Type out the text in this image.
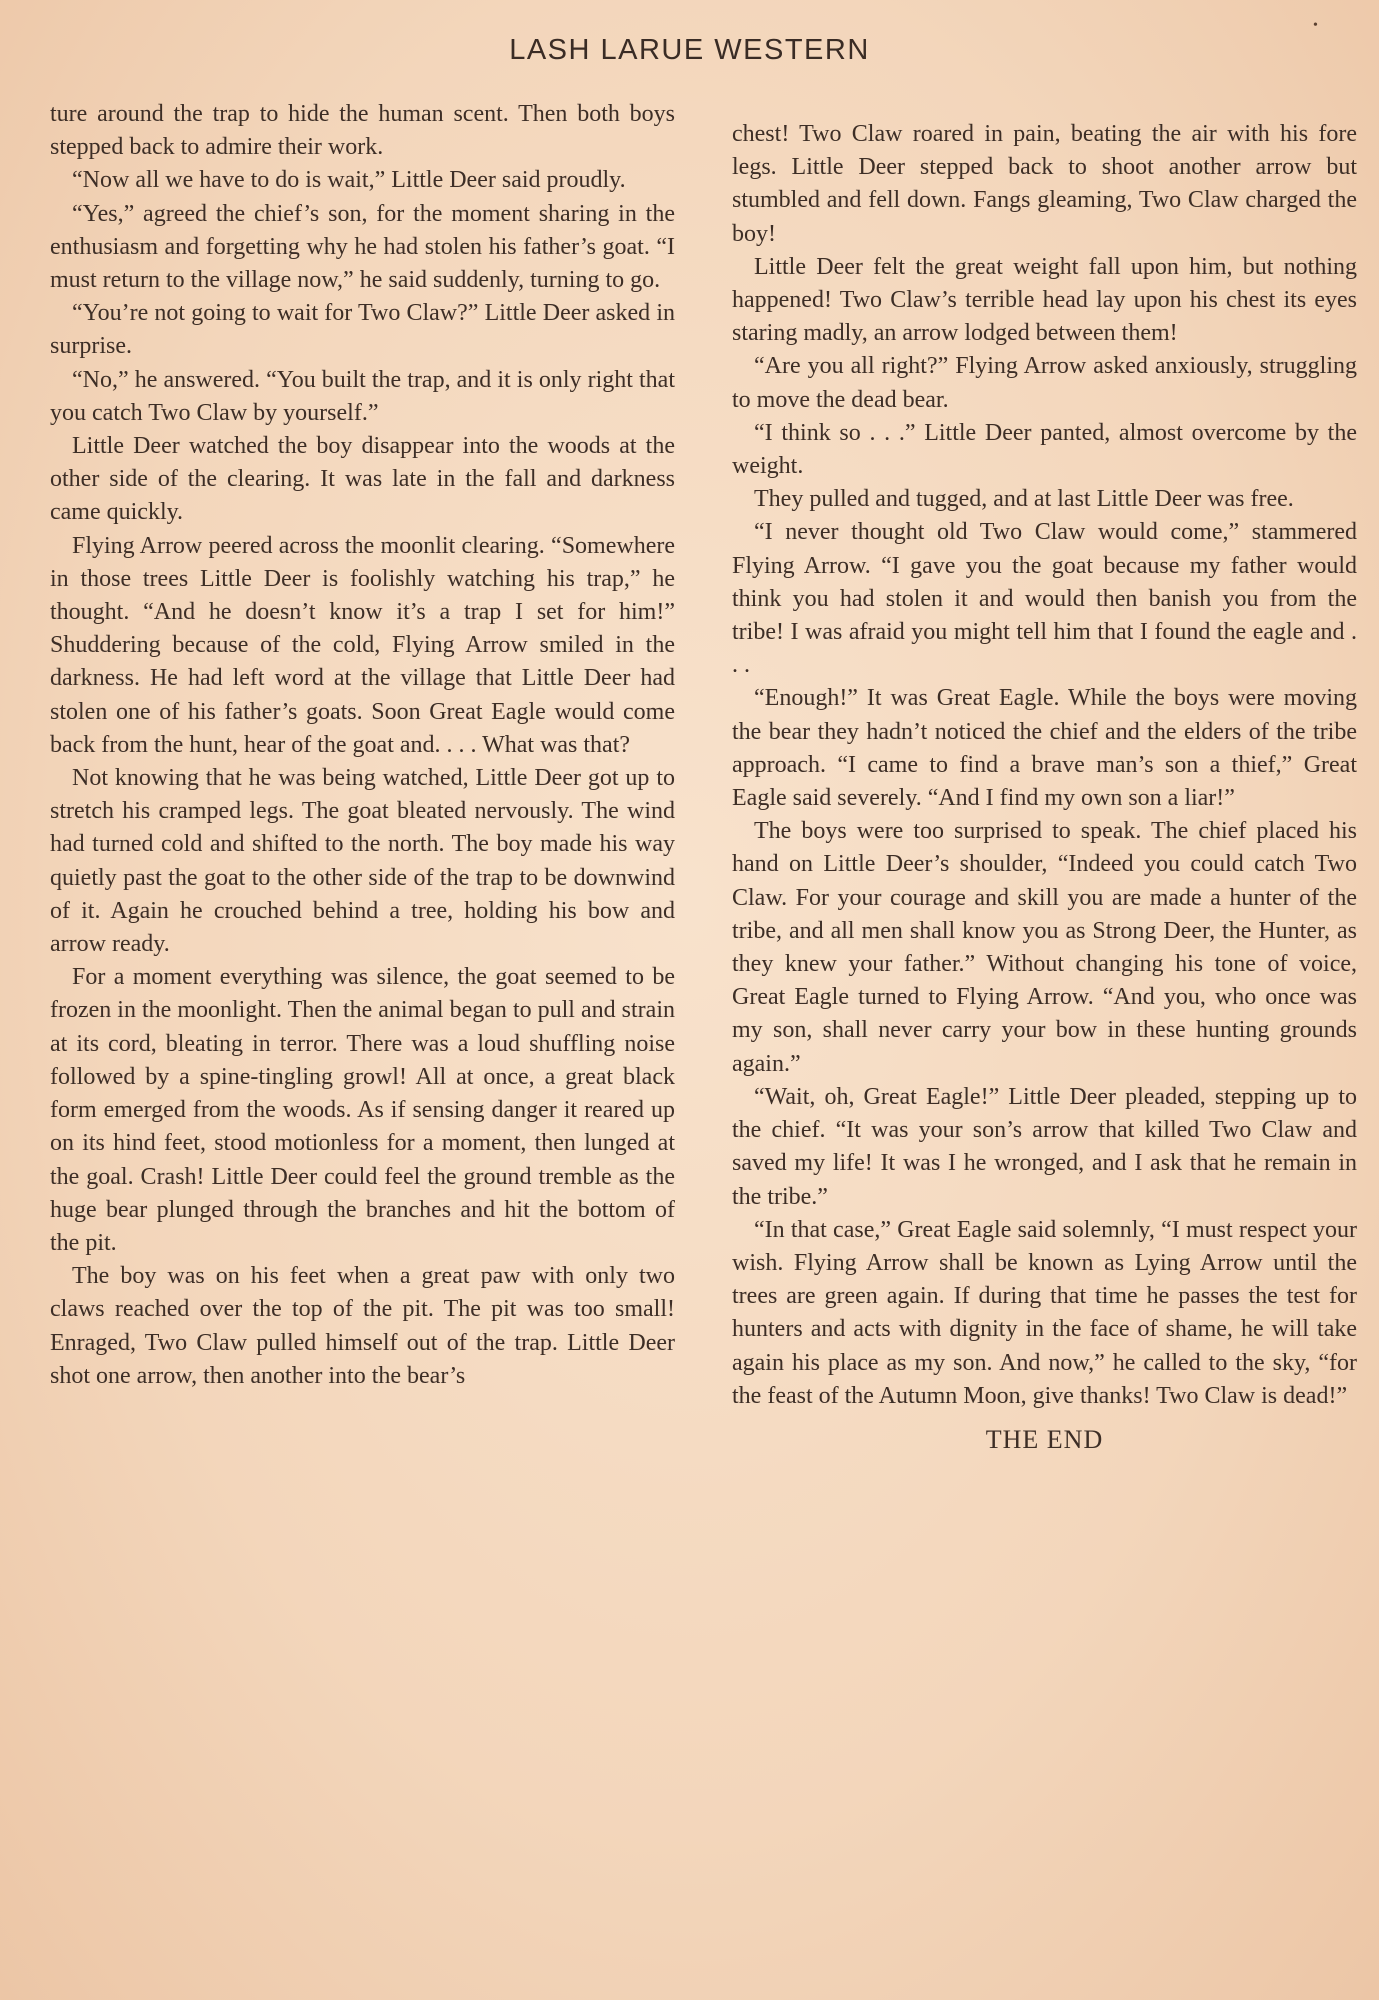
LASH LARUE WESTERN
•

ture around the trap to hide the human scent. Then both boys stepped back to admire their work.

“Now all we have to do is wait,” Little Deer said proudly.

“Yes,” agreed the chief’s son, for the moment sharing in the enthusiasm and forgetting why he had stolen his father’s goat. “I must return to the village now,” he said suddenly, turning to go.

“You’re not going to wait for Two Claw?” Little Deer asked in surprise.

“No,” he answered. “You built the trap, and it is only right that you catch Two Claw by yourself.”

Little Deer watched the boy disappear into the woods at the other side of the clearing. It was late in the fall and darkness came quickly.

Flying Arrow peered across the moonlit clearing. “Somewhere in those trees Little Deer is foolishly watching his trap,” he thought. “And he doesn’t know it’s a trap I set for him!” Shuddering because of the cold, Flying Arrow smiled in the darkness. He had left word at the village that Little Deer had stolen one of his father’s goats. Soon Great Eagle would come back from the hunt, hear of the goat and. . . . What was that?

Not knowing that he was being watched, Little Deer got up to stretch his cramped legs. The goat bleated nervously. The wind had turned cold and shifted to the north. The boy made his way quietly past the goat to the other side of the trap to be downwind of it. Again he crouched behind a tree, holding his bow and arrow ready.

For a moment everything was silence, the goat seemed to be frozen in the moonlight. Then the animal began to pull and strain at its cord, bleating in terror. There was a loud shuffling noise followed by a spine-tingling growl! All at once, a great black form emerged from the woods. As if sensing danger it reared up on its hind feet, stood motionless for a moment, then lunged at the goal. Crash! Little Deer could feel the ground tremble as the huge bear plunged through the branches and hit the bottom of the pit.

The boy was on his feet when a great paw with only two claws reached over the top of the pit. The pit was too small! Enraged, Two Claw pulled himself out of the trap. Little Deer shot one arrow, then another into the bear’s

chest! Two Claw roared in pain, beating the air with his fore legs. Little Deer stepped back to shoot another arrow but stumbled and fell down. Fangs gleaming, Two Claw charged the boy!

Little Deer felt the great weight fall upon him, but nothing happened! Two Claw’s terrible head lay upon his chest its eyes staring madly, an arrow lodged between them!

“Are you all right?” Flying Arrow asked anxiously, struggling to move the dead bear.

“I think so . . .” Little Deer panted, almost overcome by the weight.

They pulled and tugged, and at last Little Deer was free.

“I never thought old Two Claw would come,” stammered Flying Arrow. “I gave you the goat because my father would think you had stolen it and would then banish you from the tribe! I was afraid you might tell him that I found the eagle and . . .

“Enough!” It was Great Eagle. While the boys were moving the bear they hadn’t noticed the chief and the elders of the tribe approach. “I came to find a brave man’s son a thief,” Great Eagle said severely. “And I find my own son a liar!”

The boys were too surprised to speak. The chief placed his hand on Little Deer’s shoulder, “Indeed you could catch Two Claw. For your courage and skill you are made a hunter of the tribe, and all men shall know you as Strong Deer, the Hunter, as they knew your father.” Without changing his tone of voice, Great Eagle turned to Flying Arrow. “And you, who once was my son, shall never carry your bow in these hunting grounds again.”

“Wait, oh, Great Eagle!” Little Deer pleaded, stepping up to the chief. “It was your son’s arrow that killed Two Claw and saved my life! It was I he wronged, and I ask that he remain in the tribe.”

“In that case,” Great Eagle said solemnly, “I must respect your wish. Flying Arrow shall be known as Lying Arrow until the trees are green again. If during that time he passes the test for hunters and acts with dignity in the face of shame, he will take again his place as my son. And now,” he called to the sky, “for the feast of the Autumn Moon, give thanks! Two Claw is dead!”

THE END
